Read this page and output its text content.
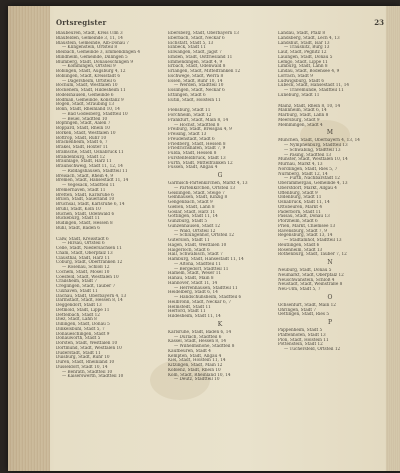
Ortsregister	23
Blaubeuren, Stadt, Kreis Ulm 3
Blaufelden, Gemeinde 3, 11, 14
Blaustein, Gemeinde, Alb-Donau 7
— Klingenstein, Ortsteil 8
Bleibach, Gemeinde 3, Emmendingen 4
Blindheim, Gemeinde, Dillingen 5
Blumberg, Stadt, Donaueschingen 9
— Kommingen, Ortsteil 9
Bobingen, Stadt, Augsburg 4, 12
Böblingen, Stadt, Kreisstadt 6
— Dagersheim, Ortsteil 6
Bochum, Stadt, Westfalen 10
Bockenem, Stadt, Hildesheim 11
Bodelshausen, Gemeinde 6
Bodman, Gemeinde, Konstanz 9
Bogen, Stadt, Straubing 13
Bonn, Stadt, Rheinland 10, 14
— Bad Godesberg, Stadtteil 10
— Beuel, Stadtteil 10
Bopfingen, Stadt, Aalen 7
Boppard, Stadt, Rhein 10
Borken, Stadt, Westfalen 10
Bottrop, Stadt, Ruhr 10
Brackenheim, Stadt 6, 7
Brakel, Stadt, Höxter 11
Bramsche, Stadt, Osnabrück 11
Brandenburg, Stadt 12
Braunlage, Stadt, Harz 11
Braunschweig, Stadt 11, 12, 14
— Riddagshausen, Stadtteil 11
Breisach, Stadt, Rhein 4, 9
Bremen, Stadt, Hansestadt 11, 14
— Vegesack, Stadtteil 11
Bremerhaven, Stadt 11
Bretten, Stadt, Karlsruhe 6
Brilon, Stadt, Sauerland 10
Bruchsal, Stadt, Karlsruhe 6, 14
Brühl, Stadt, Köln 10
Buchen, Stadt, Odenwald 6
Bückeburg, Stadt 11
Büdingen, Stadt, Hessen 8
Bühl, Stadt, Baden 6
Calw, Stadt, Kreisstadt 6
— Hirsau, Ortsteil 6
Celle, Stadt, Niedersachsen 11
Cham, Stadt, Oberpfalz 13
Clausthal, Stadt, Harz 11
Coburg, Stadt, Oberfranken 12
— Rosenau, Schloß 12
Cochem, Stadt, Mosel 10
Coesfeld, Stadt, Westfalen 10
Crailsheim, Stadt 7
Creglingen, Stadt, Tauber 7
Cuxhaven, Stadt 11
Dachau, Stadt, Oberbayern 4, 13
Darmstadt, Stadt, Hessen 8, 14
Deggendorf, Stadt 13
Detmold, Stadt, Lippe 11
Dettelbach, Stadt 12
Diez, Stadt, Lahn 8
Dillingen, Stadt, Donau 5
Dinkelsbühl, Stadt 5, 7
Donaueschingen, Stadt 9
Donauwörth, Stadt 5
Dorsten, Stadt, Westfalen 10
Dortmund, Stadt, Westfalen 10
Duderstadt, Stadt 11
Duisburg, Stadt, Ruhr 10
Düren, Stadt, Rheinland 10
Düsseldorf, Stadt 10, 14
— Benrath, Stadtteil 10
— Kaiserswerth, Stadtteil 10
Ebersberg, Stadt, Oberbayern 13
Eberbach, Stadt, Neckar 6
Eichstätt, Stadt 5, 13
Einbeck, Stadt 11
Ellwangen, Stadt, Jagst 7
Emden, Stadt, Ostfriesland 11
Emmendingen, Stadt 4, 9
Erbach, Stadt, Odenwald 8
Erlangen, Stadt, Mittelfranken 12
Eschwege, Stadt, Werra 8
Essen, Stadt, Ruhr 10, 14
— Werden, Stadtteil 10
Esslingen, Stadt, Neckar 6
Ettlingen, Stadt 6
Eutin, Stadt, Holstein 11
Flensburg, Stadt 11
Forchheim, Stadt 12
Frankfurt, Stadt, Main 8, 14
— Höchst, Stadtteil 8
Freiburg, Stadt, Breisgau 4, 9
Freising, Stadt 13
Freudenstadt, Stadt 6
Friedberg, Stadt, Hessen 8
Friedrichshafen, Stadt 7, 9
Fulda, Stadt, Hessen 8
Fürstenfeldbruck, Stadt 13
Fürth, Stadt, Mittelfranken 12
Füssen, Stadt, Allgäu 4
G
Garmisch-Partenkirchen, Markt 4, 13
— Partenkirchen, Ortsteil 13
Geislingen, Stadt, Steige 7
Gelnhausen, Stadt, Kinzig 8
Gengenbach, Stadt 9
Gießen, Stadt, Lahn 8
Goslar, Stadt, Harz 11
Göttingen, Stadt 11, 14
Günzburg, Stadt 5
Gunzenhausen, Stadt 12
— Wald, Ortsteil 12
— Schlungenhof, Ortsteil 12
Gütersloh, Stadt 11
Hagen, Stadt, Westfalen 10
Haigerloch, Stadt 6
Hall, Schwäbisch, Stadt 7
Hamburg, Stadt, Hansestadt 11, 14
— Altona, Stadtteil 11
— Bergedorf, Stadtteil 11
Hameln, Stadt, Weser 11
Hanau, Stadt, Main 8
Hannover, Stadt 11, 14
— Herrenhausen, Stadtteil 11
Heidelberg, Stadt 6, 14
— Handschuhsheim, Stadtteil 6
Heilbronn, Stadt, Neckar 6, 7
Helmstedt, Stadt 11
Herford, Stadt 11
Hildesheim, Stadt 11, 14
K
Karlsruhe, Stadt, Baden 6, 14
— Durlach, Stadtteil 6
Kassel, Stadt, Hessen 8, 14
— Wilhelmshöhe, Stadtteil 8
Kaufbeuren, Stadt 4
Kempten, Stadt, Allgäu 4
Kiel, Stadt, Holstein 11, 14
Kitzingen, Stadt, Main 12
Koblenz, Stadt, Rhein 10
Köln, Stadt, Rheinland 10, 14
— Deutz, Stadtteil 10
Landau, Stadt, Pfalz 8
Landsberg, Stadt, Lech 4, 13
Landshut, Stadt, Isar 13
— Trausnitz, Burg 13
Lauf, Stadt, Pegnitz 12
Lauingen, Stadt, Donau 5
Lemgo, Stadt, Lippe 11
Limburg, Stadt, Lahn 8
Lindau, Stadt, Bodensee 4, 9
Lörrach, Stadt 9
Ludwigsburg, Stadt 6
Lübeck, Stadt, Hansestadt 11, 14
— Travemünde, Stadtteil 11
Lüneburg, Stadt 11
Mainz, Stadt, Rhein 8, 10, 14
Mannheim, Stadt 6, 14
Marburg, Stadt, Lahn 8
Meersburg, Stadt 9
Memmingen, Stadt 4
M
München, Stadt, Oberbayern 4, 13, 14
— Nymphenburg, Stadtteil 13
— Schwabing, Stadtteil 13
— Pasing, Stadtteil 13
Münster, Stadt, Westfalen 10, 14
Murnau, Markt 4, 13
Nördlingen, Stadt, Ries 5, 7
Nürnberg, Stadt 12, 14
— Fürth, Nachbarstadt 12
Oberammergau, Gemeinde 4, 13
Oberstdorf, Markt, Allgäu 4
Offenburg, Stadt 9
Oldenburg, Stadt 11
Osnabrück, Stadt 11, 14
Ottobeuren, Markt 4
Paderborn, Stadt 11
Passau, Stadt, Donau 13
Pforzheim, Stadt 6
Prien, Markt, Chiemsee 13
Ravensburg, Stadt 7, 9
Regensburg, Stadt 13, 14
— Stadtamhof, Stadtteil 13
Reutlingen, Stadt 6
Rosenheim, Stadt 13
Rothenburg, Stadt, Tauber 7, 12
N
Neuburg, Stadt, Donau 5
Neumarkt, Stadt, Oberpfalz 12
Neuschwanstein, Schloß 4
Neustadt, Stadt, Weinstraße 8
Neu-Ulm, Stadt 5, 7
O
Ochsenfurt, Stadt, Main 12
Öhringen, Stadt 7
Oettingen, Stadt, Ries 5
P
Pappenheim, Stadt 5
Pfaffenhofen, Stadt 13
Plön, Stadt, Holstein 11
Pottenstein, Stadt 12
— Tüchersfeld, Ortsteil 12
